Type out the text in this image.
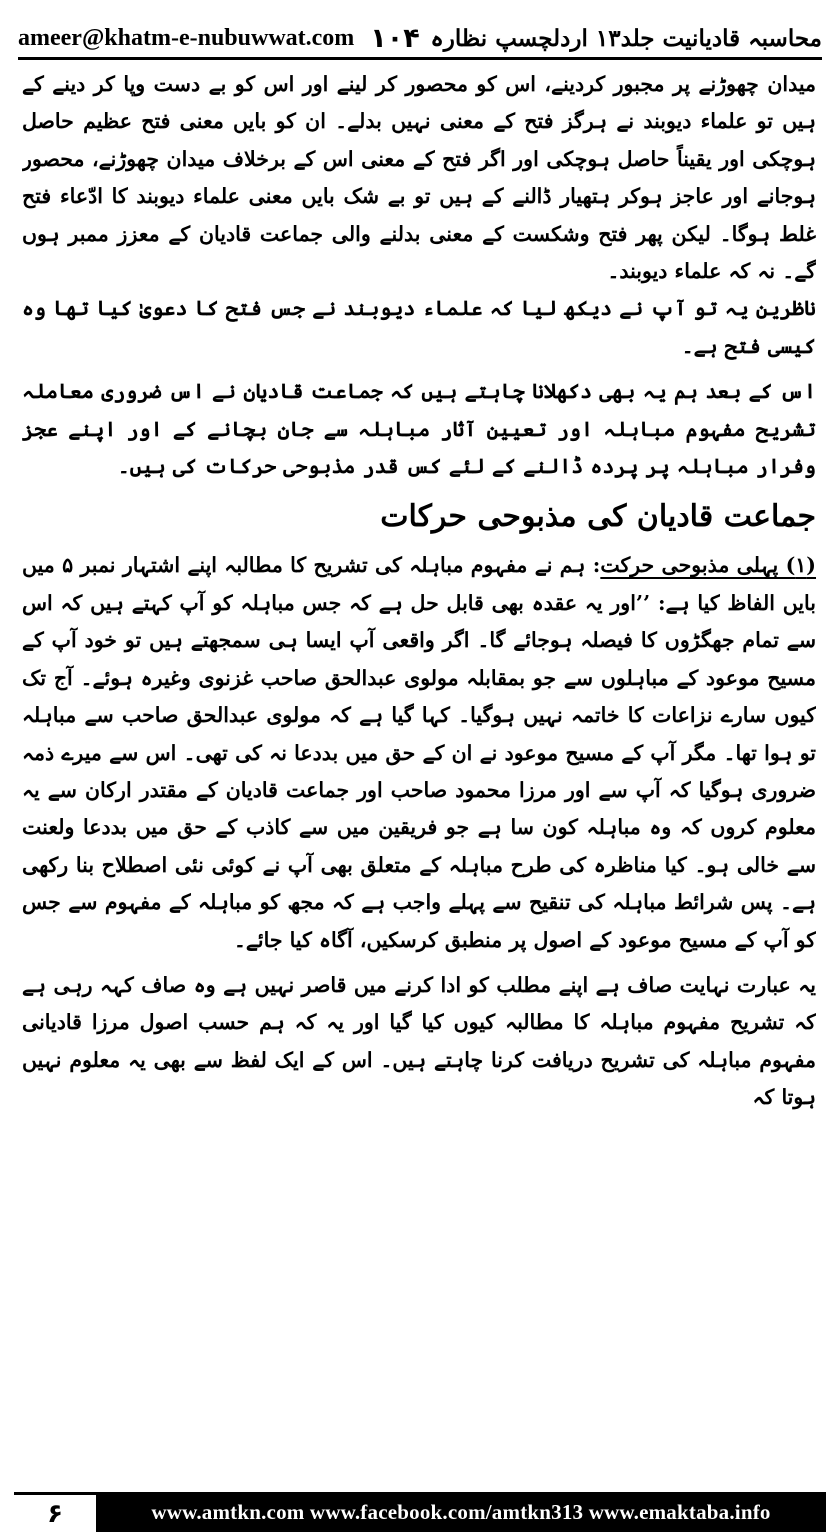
ameer@khatm-e-nubuwwat.com ۱۰۴ محاسبہ قادیانیت جلد۱۳ اردلچسپ نظارہ

میدان چھوڑنے پر مجبور کردینے، اس کو محصور کر لینے اور اس کو بے دست وپا کر دینے کے ہیں تو علماء دیوبند نے ہرگز فتح کے معنی نہیں بدلے۔ ان کو بایں معنی فتح عظیم حاصل ہوچکی اور یقیناً حاصل ہوچکی اور اگر فتح کے معنی اس کے برخلاف میدان چھوڑنے، محصور ہوجانے اور عاجز ہوکر ہتھیار ڈالنے کے ہیں تو بے شک بایں معنی علماء دیوبند کا ادّعاء فتح غلط ہوگا۔ لیکن پھر فتح وشکست کے معنی بدلنے والی جماعت قادیان کے معزز ممبر ہوں گے۔ نہ کہ علماء دیوبند۔

ناظرین یہ تو آپ نے دیکھ لیا کہ علماء دیوبند نے جس فتح کا دعویٰ کیا تھا وہ کیسی فتح ہے۔

اس کے بعد ہم یہ بھی دکھلانا چاہتے ہیں کہ جماعت قادیان نے اس ضروری معاملہ تشریح مفہوم مباہلہ اور تعیین آثار مباہلہ سے جان بچانے کے اور اپنے عجز وفرار مباہلہ پر پردہ ڈالنے کے لئے کس قدر مذبوحی حرکات کی ہیں۔

جماعت قادیان کی مذبوحی حرکات

(۱) پہلی مذبوحی حرکت: ہم نے مفہوم مباہلہ کی تشریح کا مطالبہ اپنے اشتہار نمبر ۵ میں بایں الفاظ کیا ہے: ’’اور یہ عقدہ بھی قابل حل ہے کہ جس مباہلہ کو آپ کہتے ہیں کہ اس سے تمام جھگڑوں کا فیصلہ ہوجائے گا۔ اگر واقعی آپ ایسا ہی سمجھتے ہیں تو خود آپ کے مسیح موعود کے مباہلوں سے جو بمقابلہ مولوی عبدالحق صاحب غزنوی وغیرہ ہوئے۔ آج تک کیوں سارے نزاعات کا خاتمہ نہیں ہوگیا۔ کہا گیا ہے کہ مولوی عبدالحق صاحب سے مباہلہ تو ہوا تھا۔ مگر آپ کے مسیح موعود نے ان کے حق میں بددعا نہ کی تھی۔ اس سے میرے ذمہ ضروری ہوگیا کہ آپ سے اور مرزا محمود صاحب اور جماعت قادیان کے مقتدر ارکان سے یہ معلوم کروں کہ وہ مباہلہ کون سا ہے جو فریقین میں سے کاذب کے حق میں بددعا ولعنت سے خالی ہو۔ کیا مناظرہ کی طرح مباہلہ کے متعلق بھی آپ نے کوئی نئی اصطلاح بنا رکھی ہے۔ پس شرائط مباہلہ کی تنقیح سے پہلے واجب ہے کہ مجھ کو مباہلہ کے مفہوم سے جس کو آپ کے مسیح موعود کے اصول پر منطبق کرسکیں، آگاہ کیا جائے۔

یہ عبارت نہایت صاف ہے اپنے مطلب کو ادا کرنے میں قاصر نہیں ہے وہ صاف کہہ رہی ہے کہ تشریح مفہوم مباہلہ کا مطالبہ کیوں کیا گیا اور یہ کہ ہم حسب اصول مرزا قادیانی مفہوم مباہلہ کی تشریح دریافت کرنا چاہتے ہیں۔ اس کے ایک لفظ سے بھی یہ معلوم نہیں ہوتا کہ

۶	www.amtkn.com www.facebook.com/amtkn313 www.emaktaba.info
